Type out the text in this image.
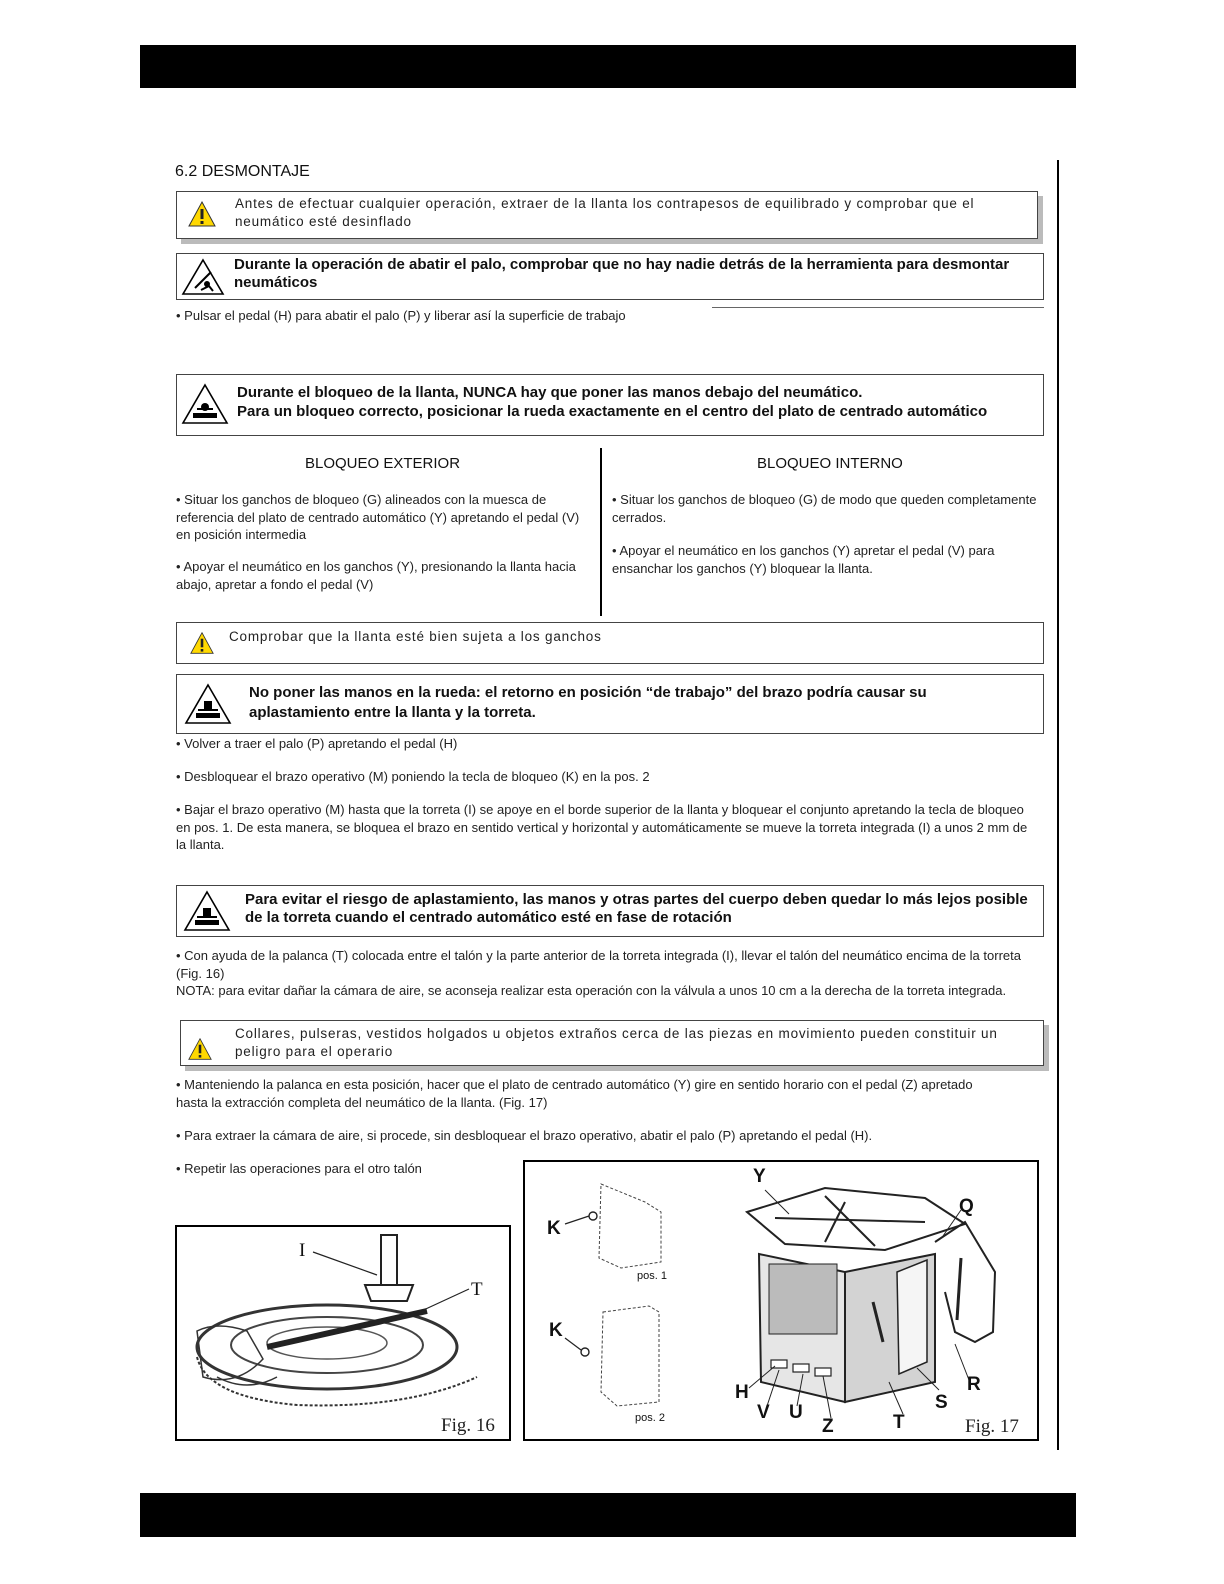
6.2 DESMONTAJE
Antes de efectuar cualquier operación, extraer de la llanta los contrapesos de equilibrado y comprobar que el neumático esté desinflado
Durante la operación de abatir el palo, comprobar que no hay nadie detrás de la herramienta para desmontar neumáticos
• Pulsar el pedal (H) para abatir el palo (P) y liberar así la superficie de trabajo
Durante el bloqueo de la llanta, NUNCA hay que poner las manos debajo del neumático.
Para un bloqueo correcto, posicionar la rueda exactamente en el centro del plato de centrado automático
BLOQUEO EXTERIOR	BLOQUEO INTERNO
• Situar los ganchos de bloqueo (G) alineados con la muesca de referencia del plato de centrado automático (Y) apretando el pedal (V) en posición intermedia
• Apoyar el neumático en los ganchos (Y), presionando la llanta hacia abajo, apretar a fondo el pedal (V)
• Situar los ganchos de bloqueo (G) de modo que queden completamente cerrados.
• Apoyar el neumático en los ganchos (Y) apretar el pedal (V) para ensanchar los ganchos (Y) bloquear la llanta.
Comprobar que la llanta esté bien sujeta a los ganchos
No poner las manos en la rueda: el retorno en posición “de trabajo” del brazo podría causar su aplastamiento entre la llanta y la torreta.
• Volver a traer el palo (P) apretando el pedal (H)
• Desbloquear el brazo operativo (M) poniendo la tecla de bloqueo (K) en la pos. 2
• Bajar el brazo operativo (M) hasta que la torreta (I) se apoye en el borde superior de la llanta y bloquear el conjunto apretando la tecla de bloqueo en pos. 1. De esta manera, se bloquea el brazo en sentido vertical y horizontal y automáticamente se mueve la torreta integrada (I) a unos 2 mm de la llanta.
Para evitar el riesgo de aplastamiento, las manos y otras partes del cuerpo deben quedar lo más lejos posible de la torreta cuando el centrado automático esté en fase de rotación
• Con ayuda de la palanca (T) colocada entre el talón y la parte anterior de la torreta integrada (I), llevar el talón del neumático encima de la torreta (Fig. 16)
NOTA: para evitar dañar la cámara de aire, se aconseja realizar esta operación con la válvula a unos 10 cm a la derecha de la torreta integrada.
Collares, pulseras, vestidos holgados u objetos extraños cerca de las piezas en movimiento pueden constituir un peligro para el operario
• Manteniendo la palanca en esta posición, hacer que el plato de centrado automático (Y) gire en sentido horario con el pedal (Z) apretado hasta la extracción completa del neumático de la llanta. (Fig. 17)
• Para extraer la cámara de aire, si procede, sin desbloquear el brazo operativo, abatir el palo (P) apretando el pedal (H).
• Repetir las operaciones para el otro talón
I
T
Fig. 16
K
pos. 1
K
pos. 2
Y
Q
R
S
T
Z
U
V
H
Fig. 17
